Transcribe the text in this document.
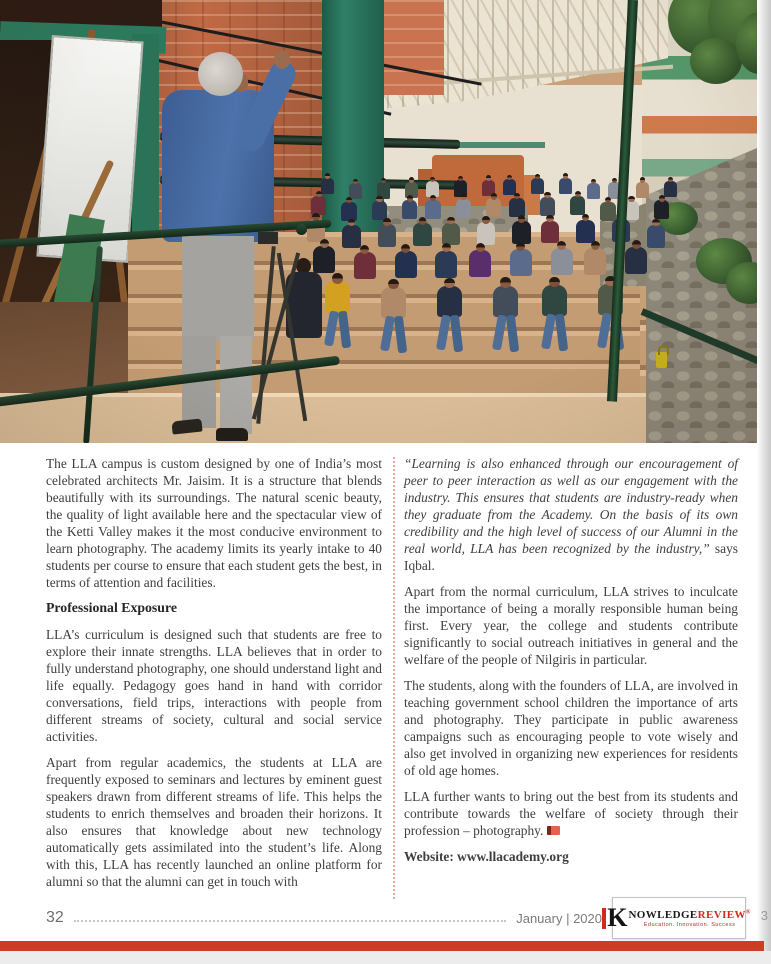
The LLA campus is custom designed by one of India’s most celebrated architects Mr. Jaisim. It is a structure that blends beautifully with its surroundings. The natural scenic beauty, the quality of light available here and the spectacular view of the Ketti Valley makes it the most conducive environment to learn photography. The academy limits its yearly intake to 40 students per course to ensure that each student gets the best, in terms of attention and facilities.

Professional Exposure

LLA’s curriculum is designed such that students are free to explore their innate strengths. LLA believes that in order to fully understand photography, one should understand light and life equally. Pedagogy goes hand in hand with corridor conversations, field trips, interactions with people from different streams of society, cultural and social service activities.

Apart from regular academics, the students at LLA are frequently exposed to seminars and lectures by eminent guest speakers drawn from different streams of life. This helps the students to enrich themselves and broaden their horizons. It also ensures that knowledge about new technology automatically gets assimilated into the student’s life. Along with this, LLA has recently launched an online platform for alumni so that the alumni can get in touch with

“Learning is also enhanced through our encouragement of peer to peer interaction as well as our engagement with the industry. This ensures that students are industry-ready when they graduate from the Academy. On the basis of its own credibility and the high level of success of our Alumni in the real world, LLA has been recognized by the industry,” says Iqbal.

Apart from the normal curriculum, LLA strives to inculcate the importance of being a morally responsible human being first. Every year, the college and students contribute significantly to social outreach initiatives in general and the welfare of the people of Nilgiris in particular.

The students, along with the founders of LLA, are involved in teaching government school children the importance of arts and photography. They participate in public awareness campaigns such as encouraging people to vote wisely and also get involved in organizing new experiences for residents of old age homes.

LLA further wants to bring out the best from its students and contribute towards the welfare of society through their profession – photography.

Website: www.llacademy.org

32	January | 2020 K NOWLEDGEREVIEW®
Education. Innovation. Success
3
